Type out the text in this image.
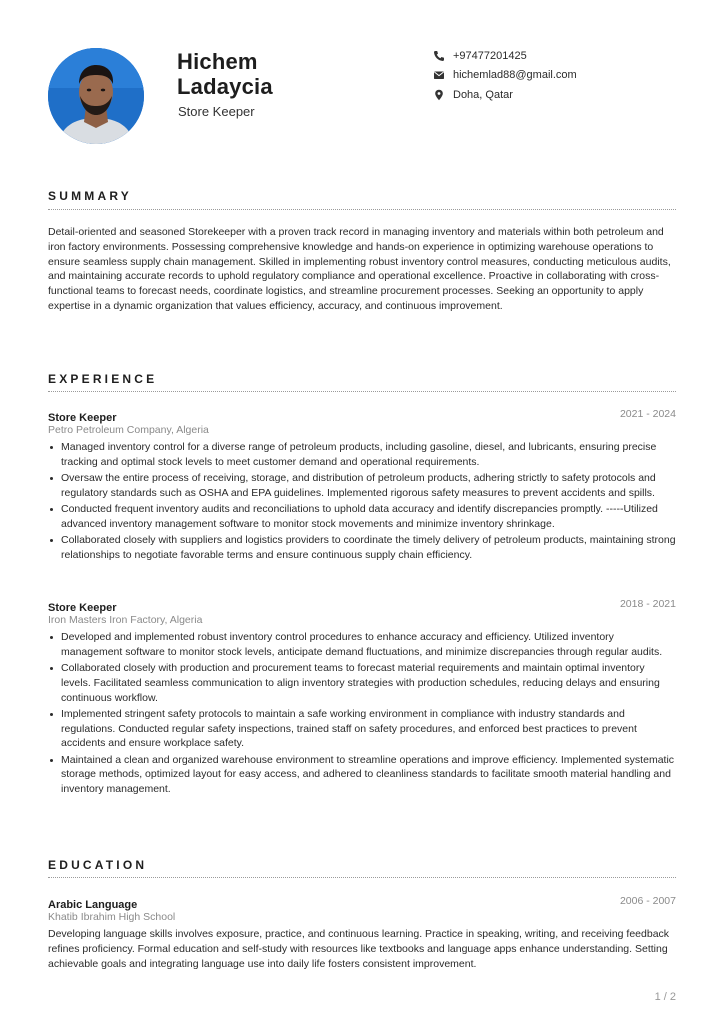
Hichem
Ladaycia
Store Keeper
+97477201425
hichemlad88@gmail.com
Doha, Qatar
SUMMARY
Detail-oriented and seasoned Storekeeper with a proven track record in managing inventory and materials within both petroleum and iron factory environments. Possessing comprehensive knowledge and hands-on experience in optimizing warehouse operations to ensure seamless supply chain management. Skilled in implementing robust inventory control measures, conducting meticulous audits, and maintaining accurate records to uphold regulatory compliance and operational excellence. Proactive in collaborating with cross-functional teams to forecast needs, coordinate logistics, and streamline procurement processes. Seeking an opportunity to apply expertise in a dynamic organization that values efficiency, accuracy, and continuous improvement.
EXPERIENCE
Store Keeper	2021 - 2024
Petro Petroleum Company, Algeria
Managed inventory control for a diverse range of petroleum products, including gasoline, diesel, and lubricants, ensuring precise tracking and optimal stock levels to meet customer demand and operational requirements.
Oversaw the entire process of receiving, storage, and distribution of petroleum products, adhering strictly to safety protocols and regulatory standards such as OSHA and EPA guidelines. Implemented rigorous safety measures to prevent accidents and spills.
Conducted frequent inventory audits and reconciliations to uphold data accuracy and identify discrepancies promptly. -----Utilized advanced inventory management software to monitor stock movements and minimize inventory shrinkage.
Collaborated closely with suppliers and logistics providers to coordinate the timely delivery of petroleum products, maintaining strong relationships to negotiate favorable terms and ensure continuous supply chain efficiency.
Store Keeper	2018 - 2021
Iron Masters Iron Factory, Algeria
Developed and implemented robust inventory control procedures to enhance accuracy and efficiency. Utilized inventory management software to monitor stock levels, anticipate demand fluctuations, and minimize discrepancies through regular audits.
Collaborated closely with production and procurement teams to forecast material requirements and maintain optimal inventory levels. Facilitated seamless communication to align inventory strategies with production schedules, reducing delays and ensuring continuous workflow.
Implemented stringent safety protocols to maintain a safe working environment in compliance with industry standards and regulations. Conducted regular safety inspections, trained staff on safety procedures, and enforced best practices to prevent accidents and ensure workplace safety.
Maintained a clean and organized warehouse environment to streamline operations and improve efficiency. Implemented systematic storage methods, optimized layout for easy access, and adhered to cleanliness standards to facilitate smooth material handling and inventory management.
EDUCATION
Arabic Language	2006 - 2007
Khatib Ibrahim High School
Developing language skills involves exposure, practice, and continuous learning. Practice in speaking, writing, and receiving feedback refines proficiency. Formal education and self-study with resources like textbooks and language apps enhance understanding. Setting achievable goals and integrating language use into daily life fosters consistent improvement.
1 / 2
